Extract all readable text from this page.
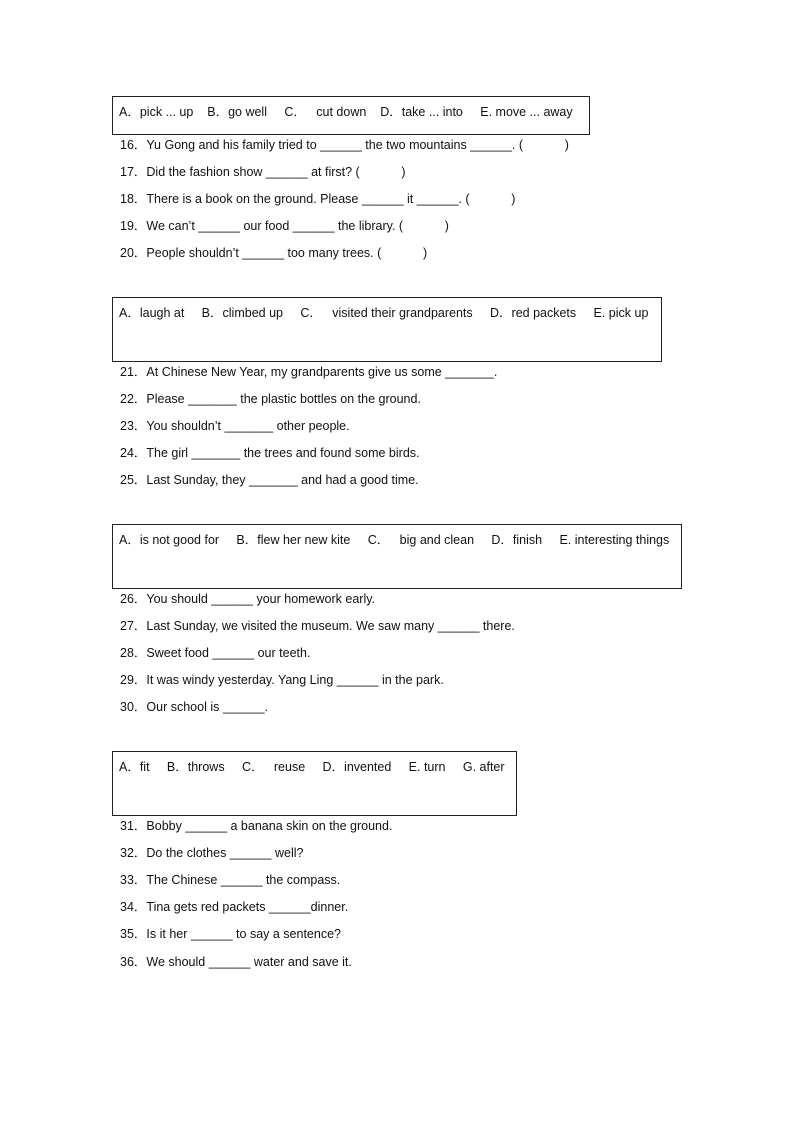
A．pick ... up    B．go well     C．   cut down    D．take ... into     E. move ... away
16．Yu Gong and his family tried to ______ the two mountains ______. (            )
17．Did the fashion show ______ at first? (            )
18．There is a book on the ground. Please ______ it ______. (            )
19．We can’t ______ our food ______ the library. (            )
20．People shouldn’t ______ too many trees. (            )
A．laugh at     B．climbed up     C．   visited their grandparents     D．red packets     E. pick up
21．At Chinese New Year, my grandparents give us some _______.
22．Please _______ the plastic bottles on the ground.
23．You shouldn’t _______ other people.
24．The girl _______ the trees and found some birds.
25．Last Sunday, they _______ and had a good time.
A．is not good for     B．flew her new kite     C．   big and clean     D．finish     E. interesting things
26．You should ______ your homework early.
27．Last Sunday, we visited the museum. We saw many ______ there.
28．Sweet food ______ our teeth.
29．It was windy yesterday. Yang Ling ______ in the park.
30．Our school is ______.
A．fit     B．throws     C．   reuse     D．invented     E. turn     G. after
31．Bobby ______ a banana skin on the ground.
32．Do the clothes ______ well?
33．The Chinese ______ the compass.
34．Tina gets red packets ______dinner.
35．Is it her ______ to say a sentence?
36．We should ______ water and save it.
